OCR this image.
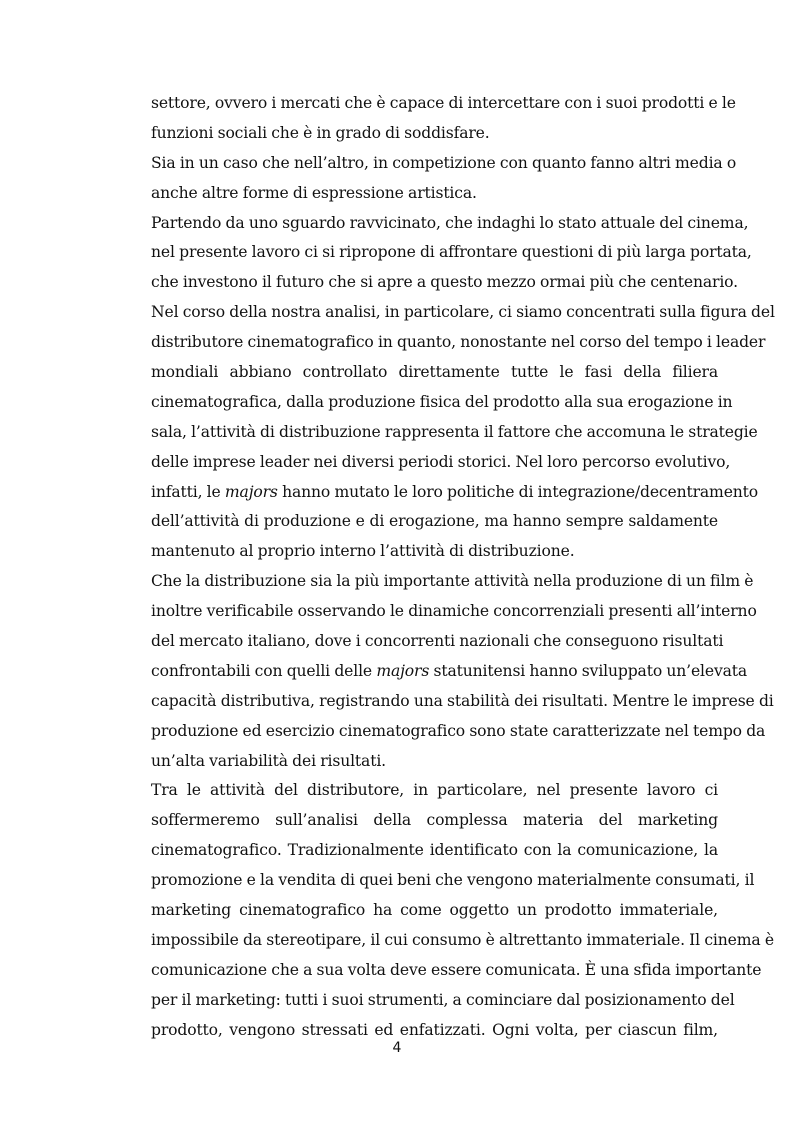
settore, ovvero i mercati che è capace di intercettare con i suoi prodotti e le
funzioni sociali che è in grado di soddisfare.
Sia in un caso che nell’altro, in competizione con quanto fanno altri media o
anche altre forme di espressione artistica.
Partendo da uno sguardo ravvicinato, che indaghi lo stato attuale del cinema,
nel presente lavoro ci si ripropone di affrontare questioni di più larga portata,
che investono il futuro che si apre a questo mezzo ormai più che centenario.
Nel corso della nostra analisi, in particolare, ci siamo concentrati sulla figura del
distributore cinematografico in quanto, nonostante nel corso del tempo i leader
mondiali abbiano controllato direttamente tutte le fasi della filiera
cinematografica, dalla produzione fisica del prodotto alla sua erogazione in
sala, l’attività di distribuzione rappresenta il fattore che accomuna le strategie
delle imprese leader nei diversi periodi storici. Nel loro percorso evolutivo,
infatti, le majors hanno mutato le loro politiche di integrazione/decentramento
dell’attività di produzione e di erogazione, ma hanno sempre saldamente
mantenuto al proprio interno l’attività di distribuzione.
Che la distribuzione sia la più importante attività nella produzione di un film è
inoltre verificabile osservando le dinamiche concorrenziali presenti all’interno
del mercato italiano, dove i concorrenti nazionali che conseguono risultati
confrontabili con quelli delle majors statunitensi hanno sviluppato un’elevata
capacità distributiva, registrando una stabilità dei risultati. Mentre le imprese di
produzione ed esercizio cinematografico sono state caratterizzate nel tempo da
un’alta variabilità dei risultati.
Tra le attività del distributore, in particolare, nel presente lavoro ci
soffermeremo sull’analisi della complessa materia del marketing
cinematografico. Tradizionalmente identificato con la comunicazione, la
promozione e la vendita di quei beni che vengono materialmente consumati, il
marketing cinematografico ha come oggetto un prodotto immateriale,
impossibile da stereotipare, il cui consumo è altrettanto immateriale. Il cinema è
comunicazione che a sua volta deve essere comunicata. È una sfida importante
per il marketing: tutti i suoi strumenti, a cominciare dal posizionamento del
prodotto, vengono stressati ed enfatizzati. Ogni volta, per ciascun film,
4
